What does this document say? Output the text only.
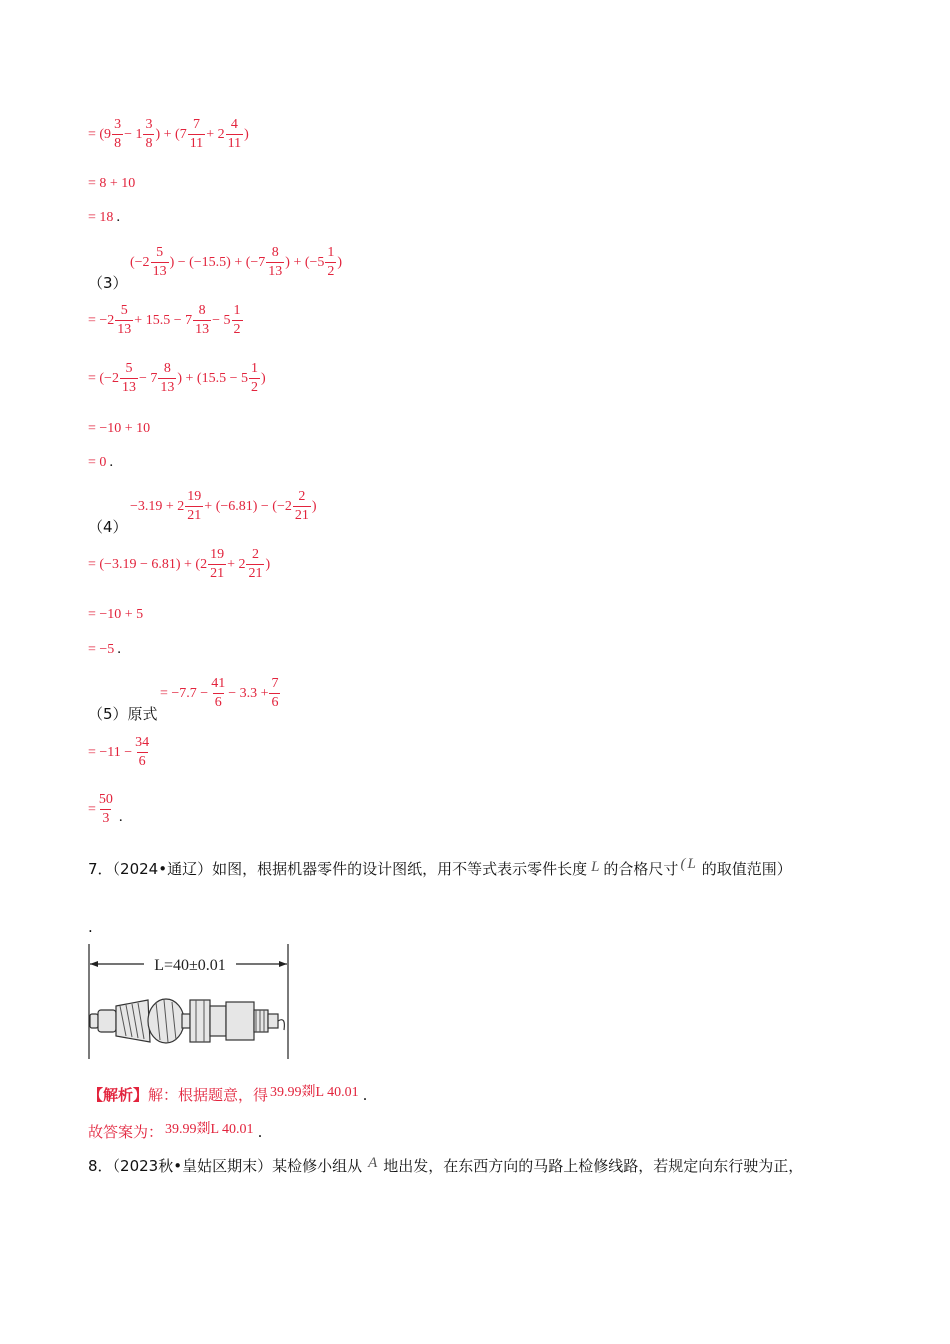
= ($9 \frac{3}{8} - 1 \frac{3}{8}$ ) + ($7 \frac{7}{11} + 2 \frac{4}{11}$ )
= 8 + 10
= 18 .
（3）
($-2 \frac{5}{13}$ ) − $(-15.5) + (-7 \frac{8}{13}$ ) + ($-5 \frac{1}{2}$ )
= $-2 \frac{5}{13} + 15.5 - 7 \frac{8}{13} - 5 \frac{1}{2}$
= ($-2 \frac{5}{13} - 7 \frac{8}{13}$ ) + ($15.5 - 5 \frac{1}{2}$ )
= −10 + 10
= 0 .
（4）
$-3.19 + 2 \frac{19}{21} + (-6.81) - (-2 \frac{2}{21}$ )
= $(-3.19 - 6.81) + (2 \frac{19}{21} + 2 \frac{2}{21}$ )
= −10 + 5
= −5 .
（5）原式
= $-7.7 - \frac{41}{6} - 3.3 + \frac{7}{6}$
= $-11 - \frac{34}{6}$
= $\frac{50}{3}$ .
7．（2024•通辽）如图，根据机器零件的设计图纸，用不等式表示零件长度 L 的合格尺寸 ( L 的取值范围）
.
L=40±0.01
【解析】解：根据题意，得 39.99剟L 40.01 .
故答案为： 39.99剟L 40.01 .
8．（2023秋•皇姑区期末）某检修小组从 A 地出发，在东西方向的马路上检修线路，若规定向东行驶为正，
